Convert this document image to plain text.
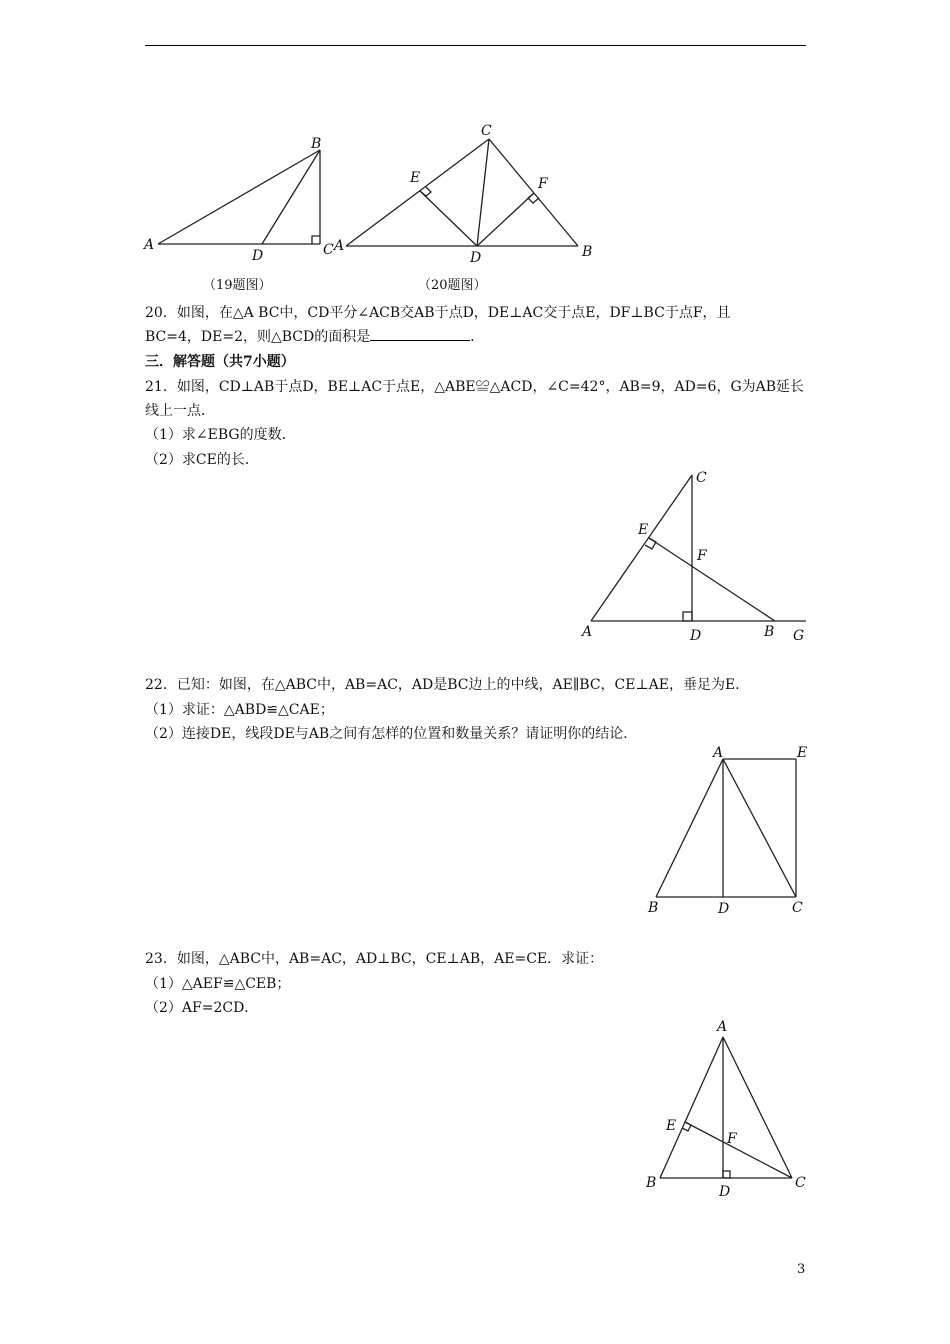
A
B
C
D
A	B
C
D
E	F
A	B
C
D
E
F
G
A
B	C
D
E
A
B	C
D
E
F
（19题图）	（20题图）
20．如图，在△A BC中，CD平分∠ACB交AB于点D，DE⊥AC交于点E，DF⊥BC于点F，且
BC=4，DE=2，则△BCD的面积是	．
三．解答题（共7小题）
21．如图，CD⊥AB于点D，BE⊥AC于点E，△ABE≌△ACD，∠C=42°，AB=9，AD=6，G为AB延长
线上一点．
（1）求∠EBG的度数．
（2）求CE的长．
22．已知：如图，在△ABC中，AB=AC，AD是BC边上的中线，AE∥BC，CE⊥AE，垂足为E．
（1）求证：△ABD≌△CAE；
（2）连接DE，线段DE与AB之间有怎样的位置和数量关系？请证明你的结论．
23．如图，△ABC中，AB=AC，AD⊥BC，CE⊥AB，AE=CE．求证：
（1）△AEF≌△CEB；
（2）AF=2CD．
3
